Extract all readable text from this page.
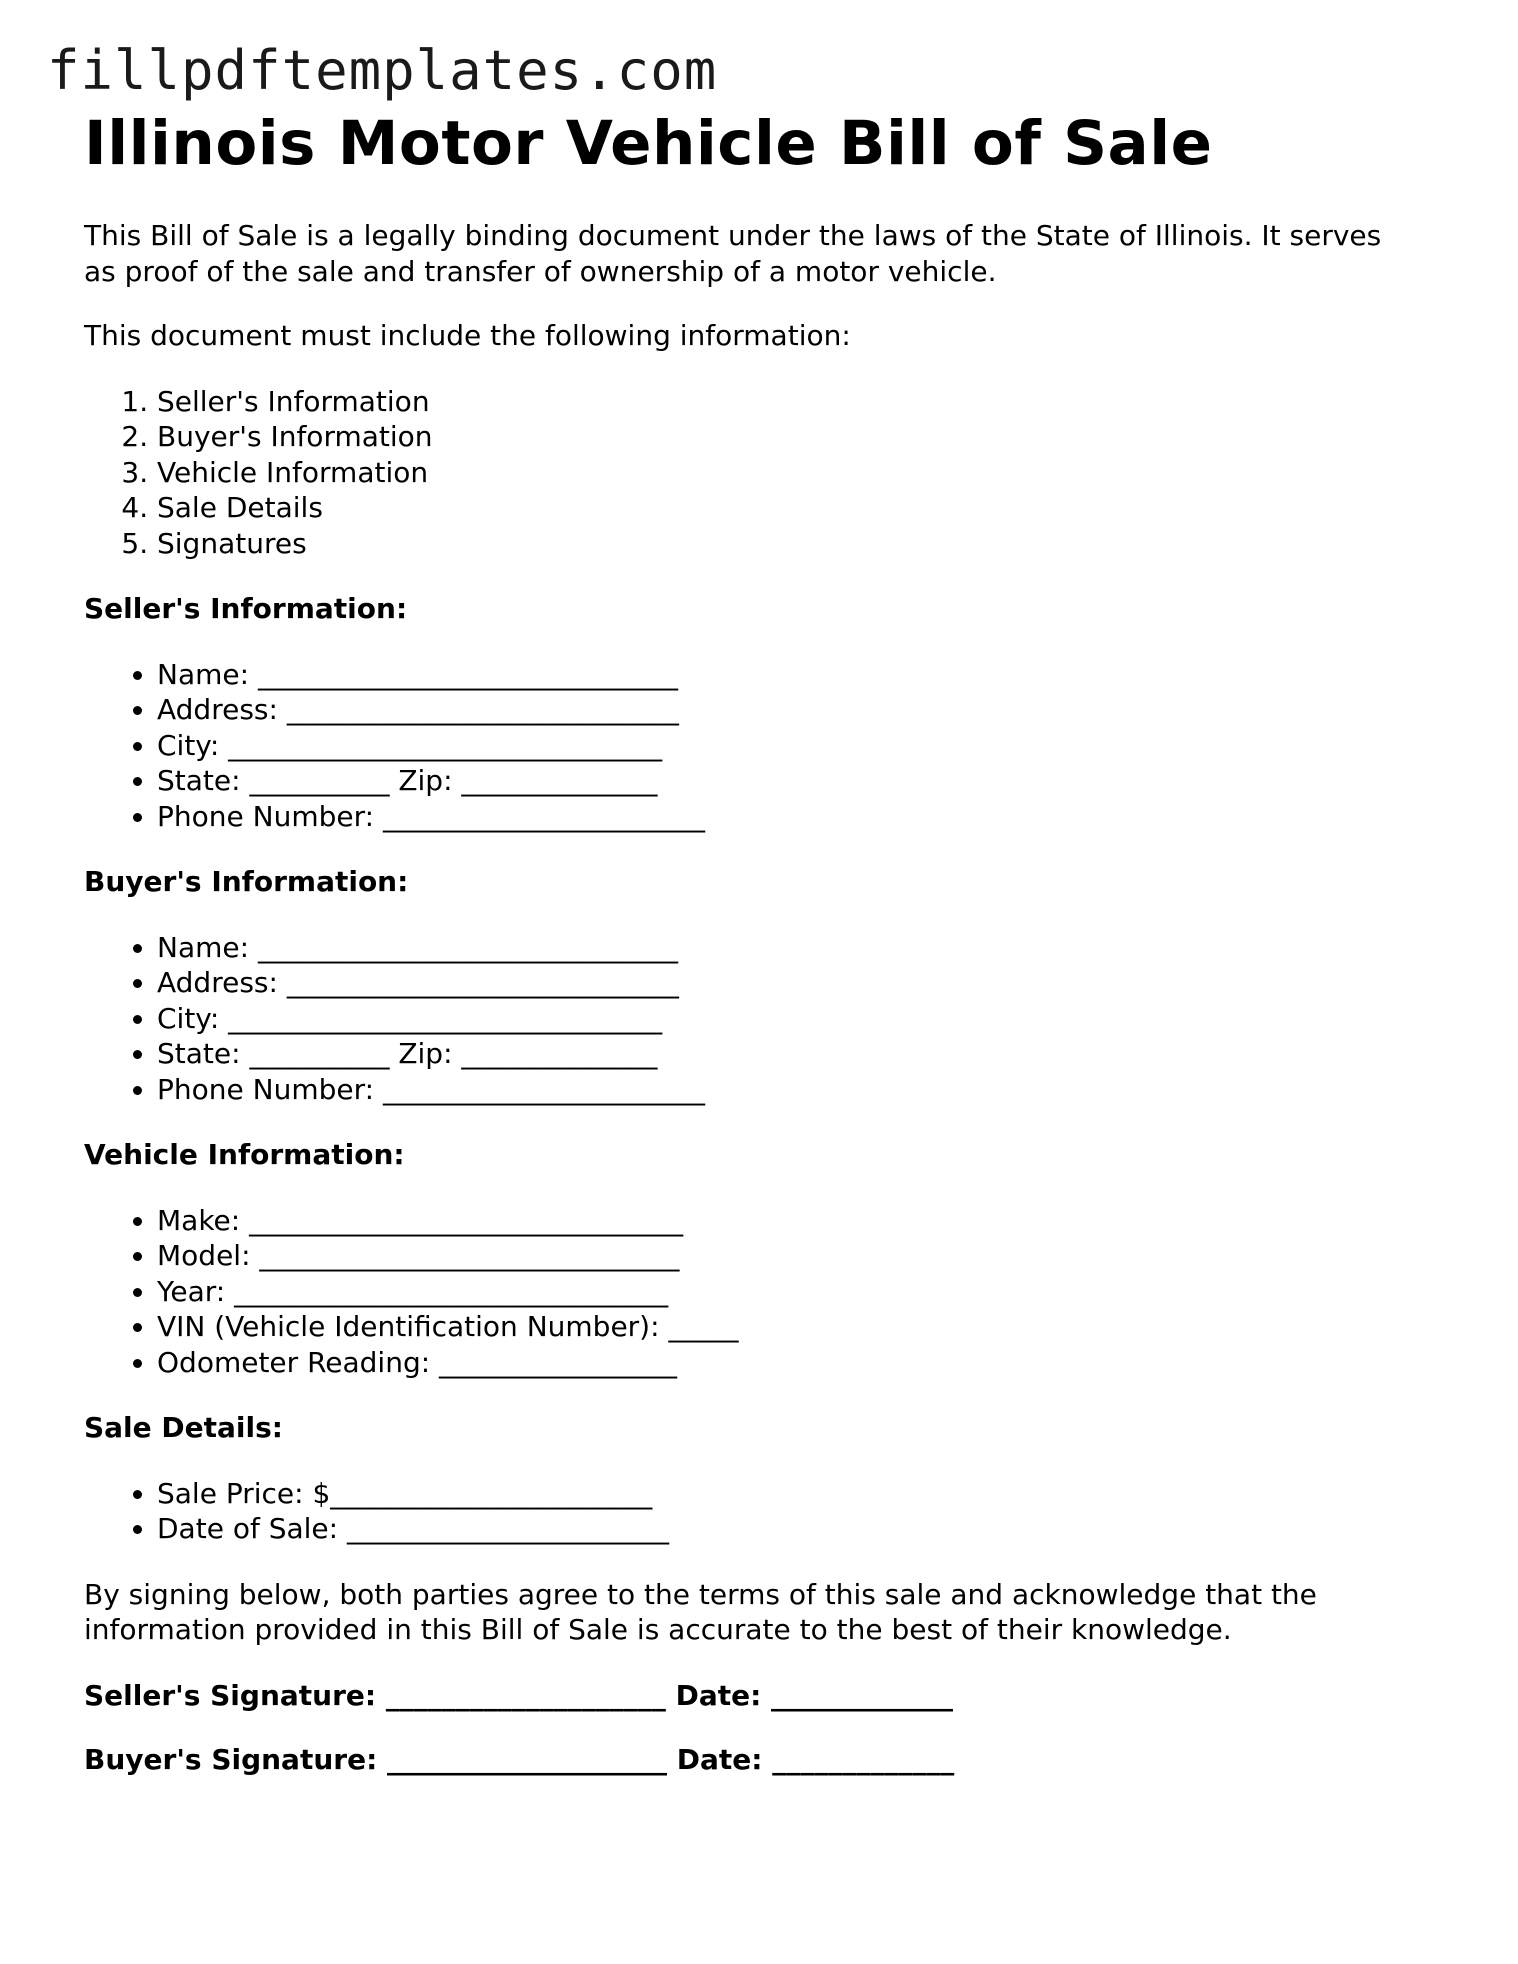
fillpdftemplates.com
Illinois Motor Vehicle Bill of Sale

This Bill of Sale is a legally binding document under the laws of the State of Illinois. It serves as proof of the sale and transfer of ownership of a motor vehicle.

This document must include the following information:

1. Seller's Information
2. Buyer's Information
3. Vehicle Information
4. Sale Details
5. Signatures
Seller's Information:
• Name: ______________________________
• Address: ____________________________
• City: _______________________________
• State: __________ Zip: ______________
• Phone Number: _______________________
Buyer's Information:
• Name: ______________________________
• Address: ____________________________
• City: _______________________________
• State: __________ Zip: ______________
• Phone Number: _______________________
Vehicle Information:
• Make: _______________________________
• Model: ______________________________
• Year: _______________________________
• VIN (Vehicle Identification Number): _____
• Odometer Reading: _________________
Sale Details:
• Sale Price: $_______________________
• Date of Sale: _______________________

By signing below, both parties agree to the terms of this sale and acknowledge that the information provided in this Bill of Sale is accurate to the best of their knowledge.

Seller's Signature: ____________________ Date: _____________
Buyer's Signature: ____________________ Date: _____________
